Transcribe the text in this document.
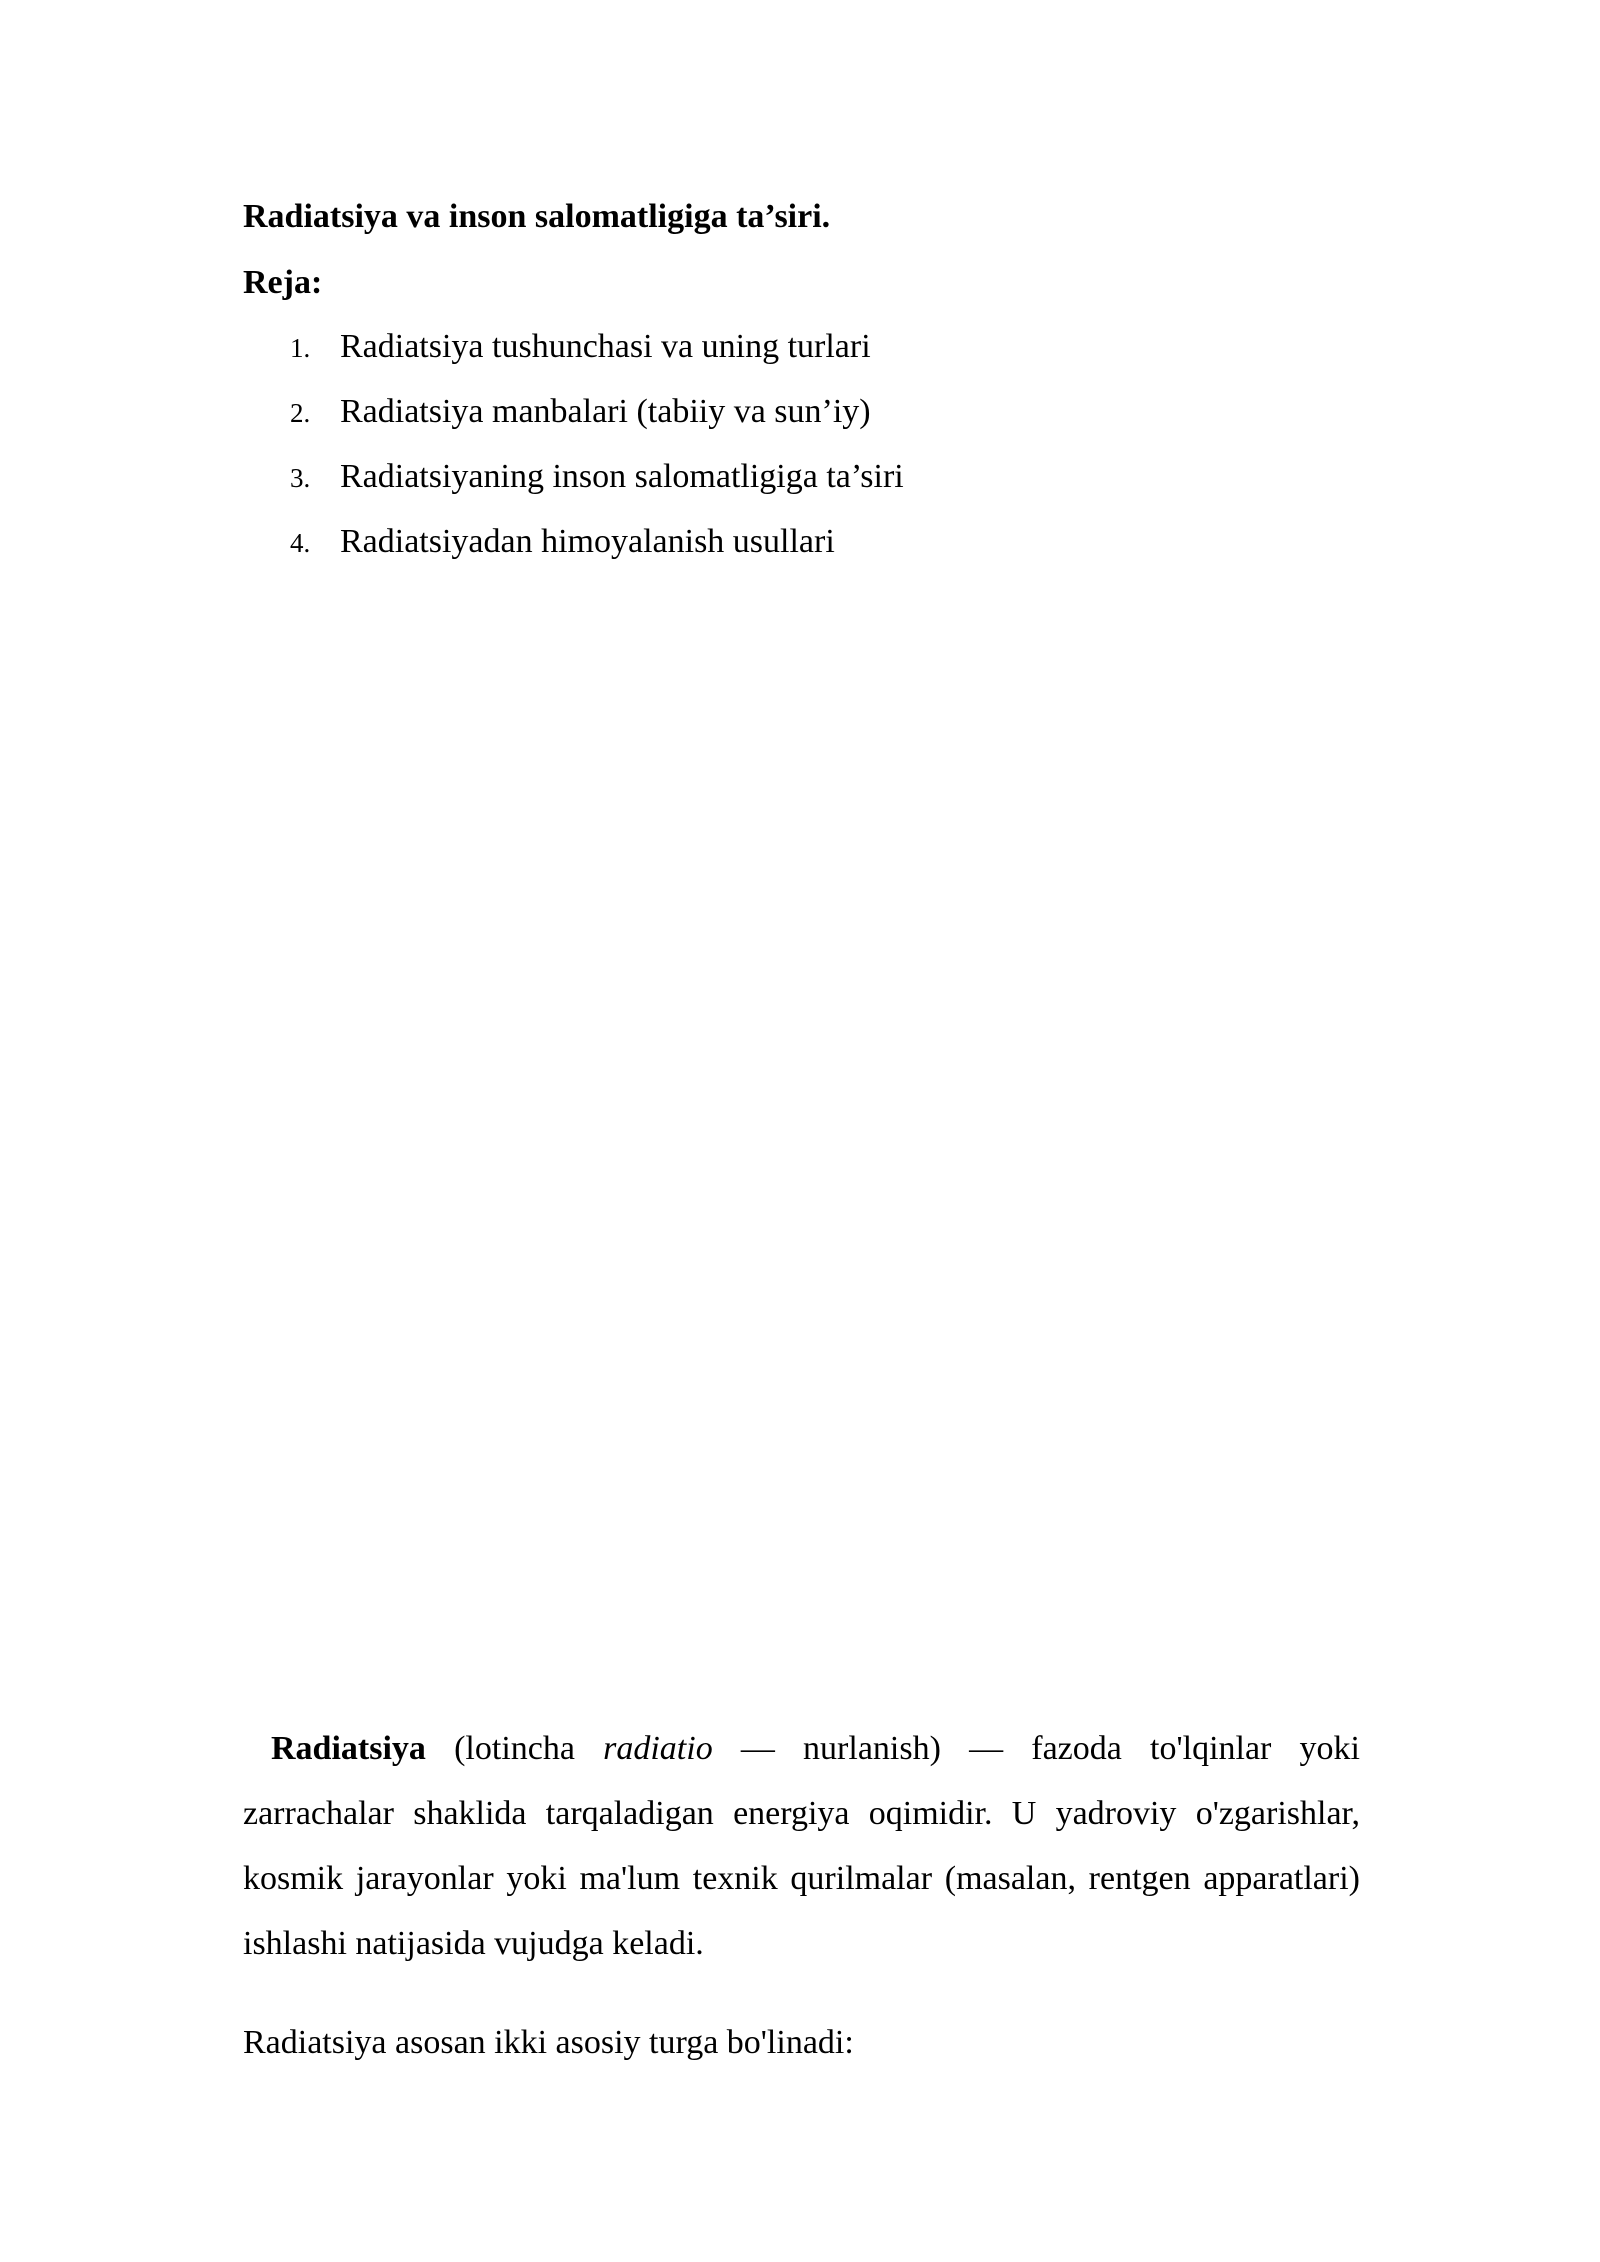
Radiatsiya va inson salomatligiga ta’siri.
Reja:
1. Radiatsiya tushunchasi va uning turlari
2. Radiatsiya manbalari (tabiiy va sun’iy)
3. Radiatsiyaning inson salomatligiga ta’siri
4. Radiatsiyadan himoyalanish usullari

Radiatsiya (lotincha radiatio — nurlanish) — fazoda to'lqinlar yoki zarrachalar shaklida tarqaladigan energiya oqimidir. U yadroviy o'zgarishlar, kosmik jarayonlar yoki ma'lum texnik qurilmalar (masalan, rentgen apparatlari) ishlashi natijasida vujudga keladi.

Radiatsiya asosan ikki asosiy turga bo'linadi:
